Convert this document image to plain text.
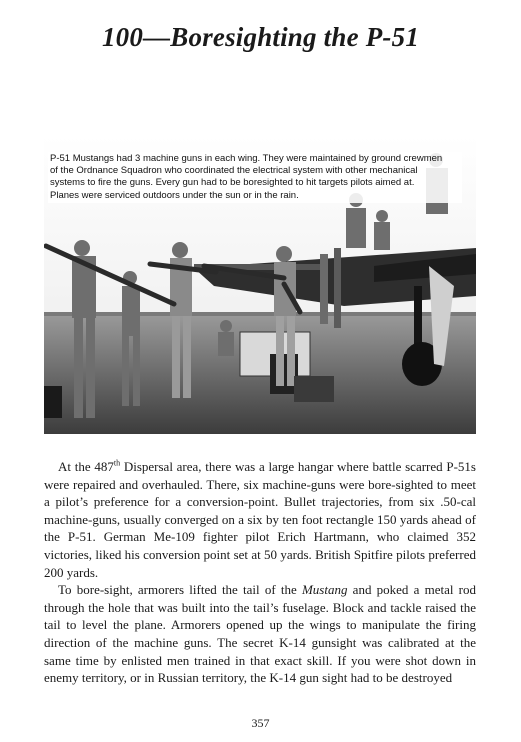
100—Boresighting the P-51
P-51 Mustangs had 3 machine guns in each wing. They were maintained by ground crewmen
of the Ordnance Squadron who coordinated the electrical system with other mechanical
systems to fire the guns. Every gun had to be boresighted to hit targets pilots aimed at.
Planes were serviced outdoors under the sun or in the rain.

At the 487th Dispersal area, there was a large hangar where battle scarred P-51s were repaired and overhauled. There, six machine-guns were bore-sighted to meet a pilot’s preference for a conversion-point. Bullet trajectories, from six .50-cal machine-guns, usually converged on a six by ten foot rectangle 150 yards ahead of the P-51. German Me-109 fighter pilot Erich Hartmann, who claimed 352 victories, liked his conversion point set at 50 yards. British Spitfire pilots preferred 200 yards.

To bore-sight, armorers lifted the tail of the Mustang and poked a metal rod through the hole that was built into the tail’s fuselage. Block and tackle raised the tail to level the plane. Armorers opened up the wings to manipulate the firing direction of the machine guns. The secret K-14 gunsight was calibrated at the same time by enlisted men trained in that exact skill. If you were shot down in enemy territory, or in Russian territory, the K-14 gun sight had to be destroyed

357
